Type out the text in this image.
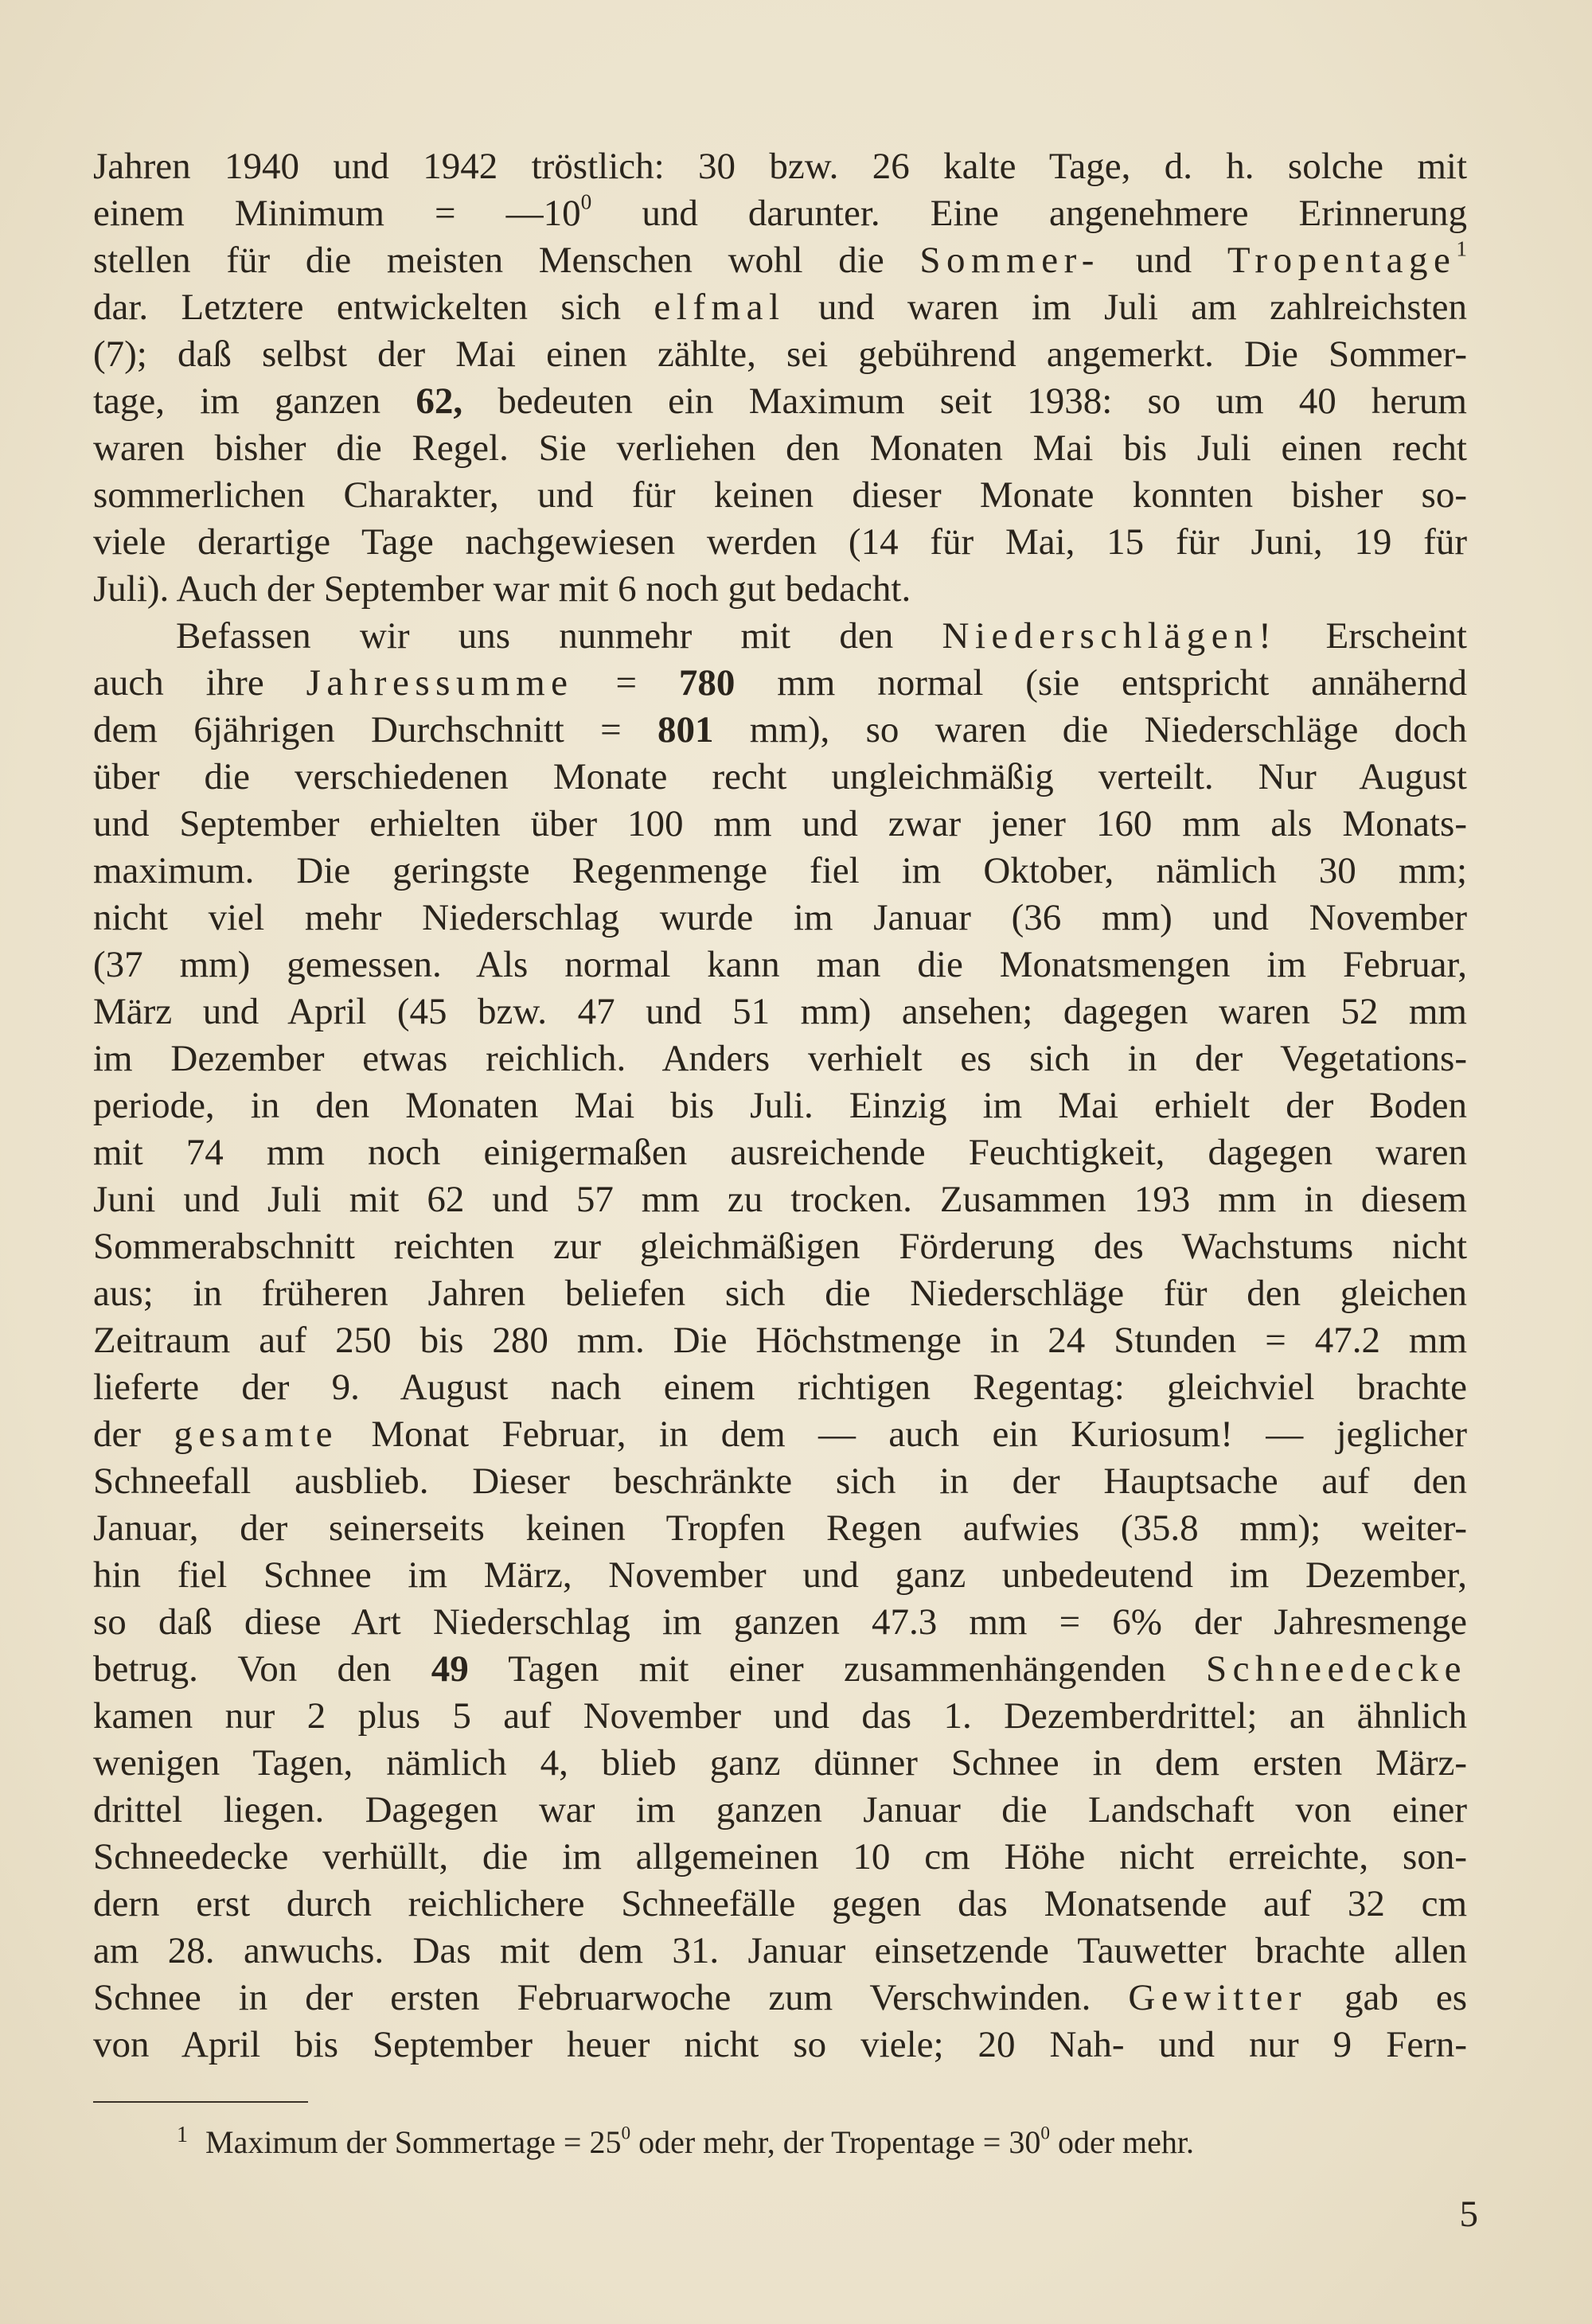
Jahren 1940 und 1942 tröstlich: 30 bzw. 26 kalte Tage, d. h. solche mit
einem Minimum = $—10^0$ und darunter. Eine angenehmere Erinnerung
stellen für die meisten Menschen wohl die Sommer- und Tropentage$^1$
dar. Letztere entwickelten sich elfmal und waren im Juli am zahlreichsten
(7); daß selbst der Mai einen zählte, sei gebührend angemerkt. Die Sommer-
tage, im ganzen 62, bedeuten ein Maximum seit 1938: so um 40 herum
waren bisher die Regel. Sie verliehen den Monaten Mai bis Juli einen recht
sommerlichen Charakter, und für keinen dieser Monate konnten bisher so-
viele derartige Tage nachgewiesen werden (14 für Mai, 15 für Juni, 19 für
Juli). Auch der September war mit 6 noch gut bedacht.
Befassen wir uns nunmehr mit den Niederschlägen! Erscheint
auch ihre Jahressumme = 780 mm normal (sie entspricht annähernd
dem 6jährigen Durchschnitt = 801 mm), so waren die Niederschläge doch
über die verschiedenen Monate recht ungleichmäßig verteilt. Nur August
und September erhielten über 100 mm und zwar jener 160 mm als Monats-
maximum. Die geringste Regenmenge fiel im Oktober, nämlich 30 mm;
nicht viel mehr Niederschlag wurde im Januar (36 mm) und November
(37 mm) gemessen. Als normal kann man die Monatsmengen im Februar,
März und April (45 bzw. 47 und 51 mm) ansehen; dagegen waren 52 mm
im Dezember etwas reichlich. Anders verhielt es sich in der Vegetations-
periode, in den Monaten Mai bis Juli. Einzig im Mai erhielt der Boden
mit 74 mm noch einigermaßen ausreichende Feuchtigkeit, dagegen waren
Juni und Juli mit 62 und 57 mm zu trocken. Zusammen 193 mm in diesem
Sommerabschnitt reichten zur gleichmäßigen Förderung des Wachstums nicht
aus; in früheren Jahren beliefen sich die Niederschläge für den gleichen
Zeitraum auf 250 bis 280 mm. Die Höchstmenge in 24 Stunden = 47.2 mm
lieferte der 9. August nach einem richtigen Regentag: gleichviel brachte
der gesamte Monat Februar, in dem — auch ein Kuriosum! — jeglicher
Schneefall ausblieb. Dieser beschränkte sich in der Hauptsache auf den
Januar, der seinerseits keinen Tropfen Regen aufwies (35.8 mm); weiter-
hin fiel Schnee im März, November und ganz unbedeutend im Dezember,
so daß diese Art Niederschlag im ganzen 47.3 mm = 6% der Jahresmenge
betrug. Von den 49 Tagen mit einer zusammenhängenden Schneedecke
kamen nur 2 plus 5 auf November und das 1. Dezemberdrittel; an ähnlich
wenigen Tagen, nämlich 4, blieb ganz dünner Schnee in dem ersten März-
drittel liegen. Dagegen war im ganzen Januar die Landschaft von einer
Schneedecke verhüllt, die im allgemeinen 10 cm Höhe nicht erreichte, son-
dern erst durch reichlichere Schneefälle gegen das Monatsende auf 32 cm
am 28. anwuchs. Das mit dem 31. Januar einsetzende Tauwetter brachte allen
Schnee in der ersten Februarwoche zum Verschwinden. Gewitter gab es
von April bis September heuer nicht so viele; 20 Nah- und nur 9 Fern-
$^1$ Maximum der Sommertage = $25^0$ oder mehr, der Tropentage = $30^0$ oder mehr.
5
